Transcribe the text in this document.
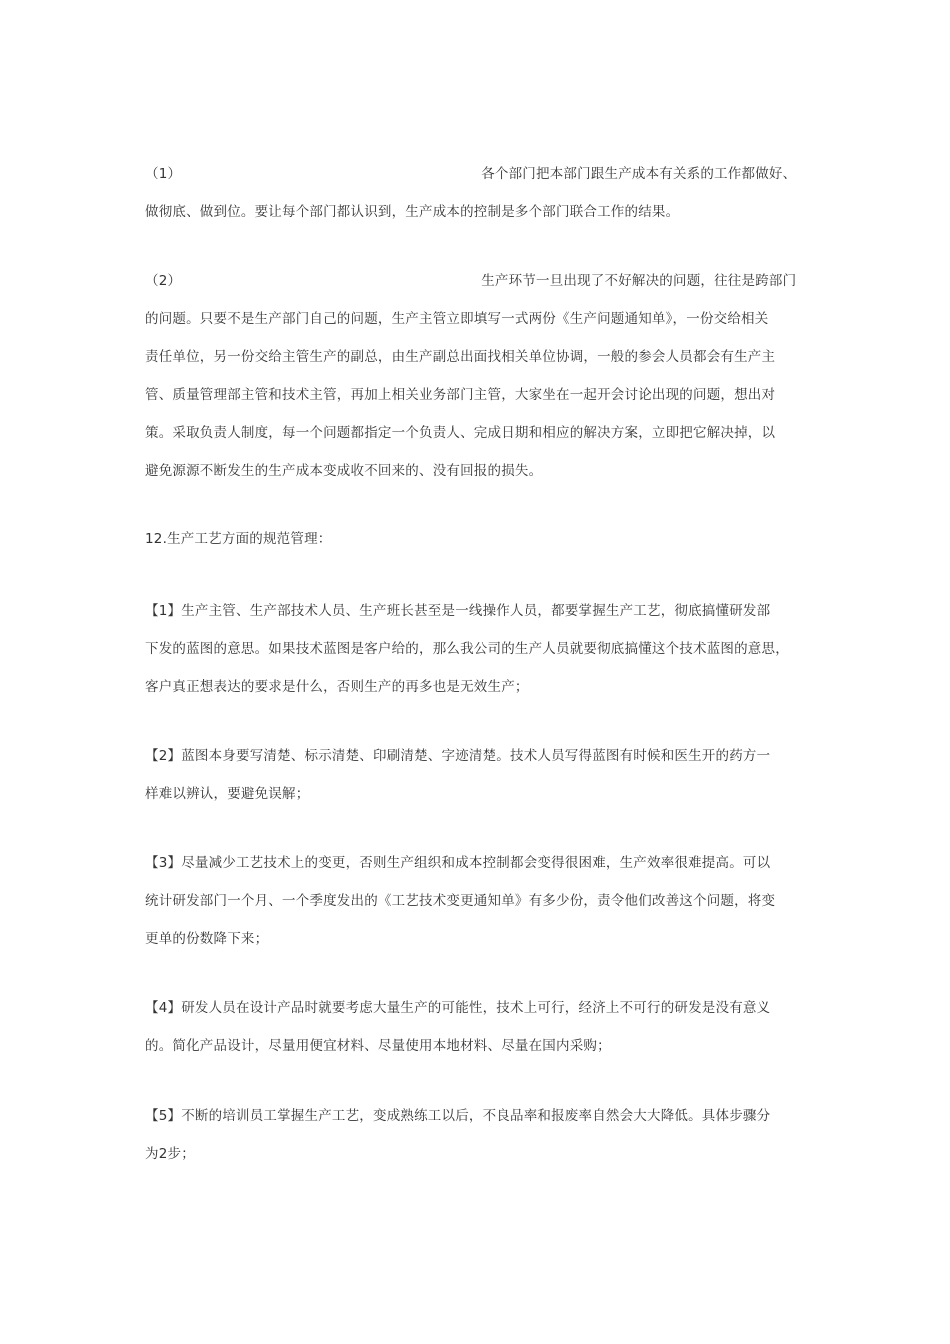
（1）	各个部门把本部门跟生产成本有关系的工作都做好、
做彻底、做到位。要让每个部门都认识到，生产成本的控制是多个部门联合工作的结果。
（2）	生产环节一旦出现了不好解决的问题，往往是跨部门
的问题。只要不是生产部门自己的问题，生产主管立即填写一式两份《生产问题通知单》，一份交给相关
责任单位，另一份交给主管生产的副总，由生产副总出面找相关单位协调，一般的参会人员都会有生产主
管、质量管理部主管和技术主管，再加上相关业务部门主管，大家坐在一起开会讨论出现的问题，想出对
策。采取负责人制度，每一个问题都指定一个负责人、完成日期和相应的解决方案，立即把它解决掉，以
避免源源不断发生的生产成本变成收不回来的、没有回报的损失。
12.生产工艺方面的规范管理：
【1】生产主管、生产部技术人员、生产班长甚至是一线操作人员，都要掌握生产工艺，彻底搞懂研发部
下发的蓝图的意思。如果技术蓝图是客户给的，那么我公司的生产人员就要彻底搞懂这个技术蓝图的意思，
客户真正想表达的要求是什么，否则生产的再多也是无效生产；
【2】蓝图本身要写清楚、标示清楚、印刷清楚、字迹清楚。技术人员写得蓝图有时候和医生开的药方一
样难以辨认，要避免误解；
【3】尽量减少工艺技术上的变更，否则生产组织和成本控制都会变得很困难，生产效率很难提高。可以
统计研发部门一个月、一个季度发出的《工艺技术变更通知单》有多少份，责令他们改善这个问题，将变
更单的份数降下来；
【4】研发人员在设计产品时就要考虑大量生产的可能性，技术上可行，经济上不可行的研发是没有意义
的。简化产品设计，尽量用便宜材料、尽量使用本地材料、尽量在国内采购；
【5】不断的培训员工掌握生产工艺，变成熟练工以后，不良品率和报废率自然会大大降低。具体步骤分
为2步；
